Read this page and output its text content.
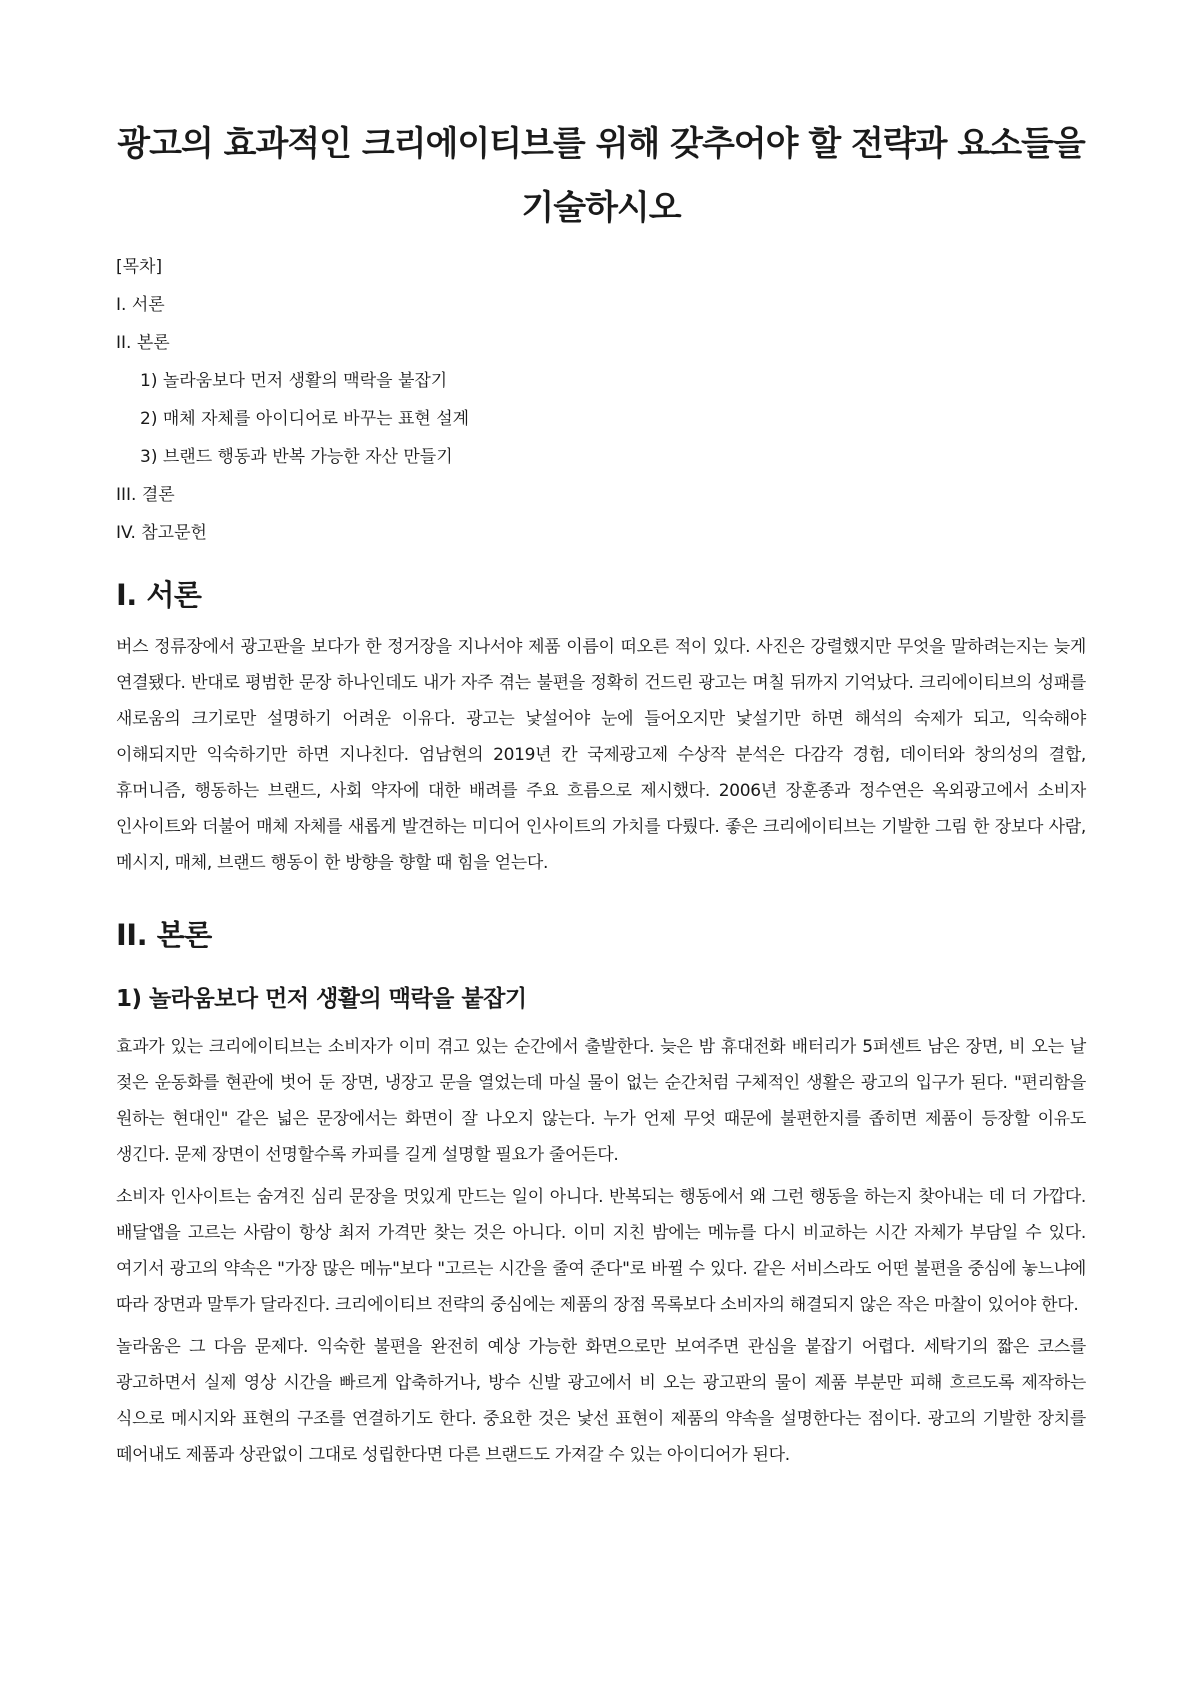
광고의 효과적인 크리에이티브를 위해 갖추어야 할 전략과 요소들을 기술하시오
[목차]
I. 서론
II. 본론
1) 놀라움보다 먼저 생활의 맥락을 붙잡기
2) 매체 자체를 아이디어로 바꾸는 표현 설계
3) 브랜드 행동과 반복 가능한 자산 만들기
III. 결론
IV. 참고문헌
I. 서론

버스 정류장에서 광고판을 보다가 한 정거장을 지나서야 제품 이름이 떠오른 적이 있다. 사진은 강렬했지만 무엇을 말하려는지는 늦게 연결됐다. 반대로 평범한 문장 하나인데도 내가 자주 겪는 불편을 정확히 건드린 광고는 며칠 뒤까지 기억났다. 크리에이티브의 성패를 새로움의 크기로만 설명하기 어려운 이유다. 광고는 낯설어야 눈에 들어오지만 낯설기만 하면 해석의 숙제가 되고, 익숙해야 이해되지만 익숙하기만 하면 지나친다. 엄남현의 2019년 칸 국제광고제 수상작 분석은 다감각 경험, 데이터와 창의성의 결합, 휴머니즘, 행동하는 브랜드, 사회 약자에 대한 배려를 주요 흐름으로 제시했다. 2006년 장훈종과 정수연은 옥외광고에서 소비자 인사이트와 더불어 매체 자체를 새롭게 발견하는 미디어 인사이트의 가치를 다뤘다. 좋은 크리에이티브는 기발한 그림 한 장보다 사람, 메시지, 매체, 브랜드 행동이 한 방향을 향할 때 힘을 얻는다.

II. 본론
1) 놀라움보다 먼저 생활의 맥락을 붙잡기

효과가 있는 크리에이티브는 소비자가 이미 겪고 있는 순간에서 출발한다. 늦은 밤 휴대전화 배터리가 5퍼센트 남은 장면, 비 오는 날 젖은 운동화를 현관에 벗어 둔 장면, 냉장고 문을 열었는데 마실 물이 없는 순간처럼 구체적인 생활은 광고의 입구가 된다. "편리함을 원하는 현대인" 같은 넓은 문장에서는 화면이 잘 나오지 않는다. 누가 언제 무엇 때문에 불편한지를 좁히면 제품이 등장할 이유도 생긴다. 문제 장면이 선명할수록 카피를 길게 설명할 필요가 줄어든다.

소비자 인사이트는 숨겨진 심리 문장을 멋있게 만드는 일이 아니다. 반복되는 행동에서 왜 그런 행동을 하는지 찾아내는 데 더 가깝다. 배달앱을 고르는 사람이 항상 최저 가격만 찾는 것은 아니다. 이미 지친 밤에는 메뉴를 다시 비교하는 시간 자체가 부담일 수 있다. 여기서 광고의 약속은 "가장 많은 메뉴"보다 "고르는 시간을 줄여 준다"로 바뀔 수 있다. 같은 서비스라도 어떤 불편을 중심에 놓느냐에 따라 장면과 말투가 달라진다. 크리에이티브 전략의 중심에는 제품의 장점 목록보다 소비자의 해결되지 않은 작은 마찰이 있어야 한다.

놀라움은 그 다음 문제다. 익숙한 불편을 완전히 예상 가능한 화면으로만 보여주면 관심을 붙잡기 어렵다. 세탁기의 짧은 코스를 광고하면서 실제 영상 시간을 빠르게 압축하거나, 방수 신발 광고에서 비 오는 광고판의 물이 제품 부분만 피해 흐르도록 제작하는 식으로 메시지와 표현의 구조를 연결하기도 한다. 중요한 것은 낯선 표현이 제품의 약속을 설명한다는 점이다. 광고의 기발한 장치를 떼어내도 제품과 상관없이 그대로 성립한다면 다른 브랜드도 가져갈 수 있는 아이디어가 된다.
